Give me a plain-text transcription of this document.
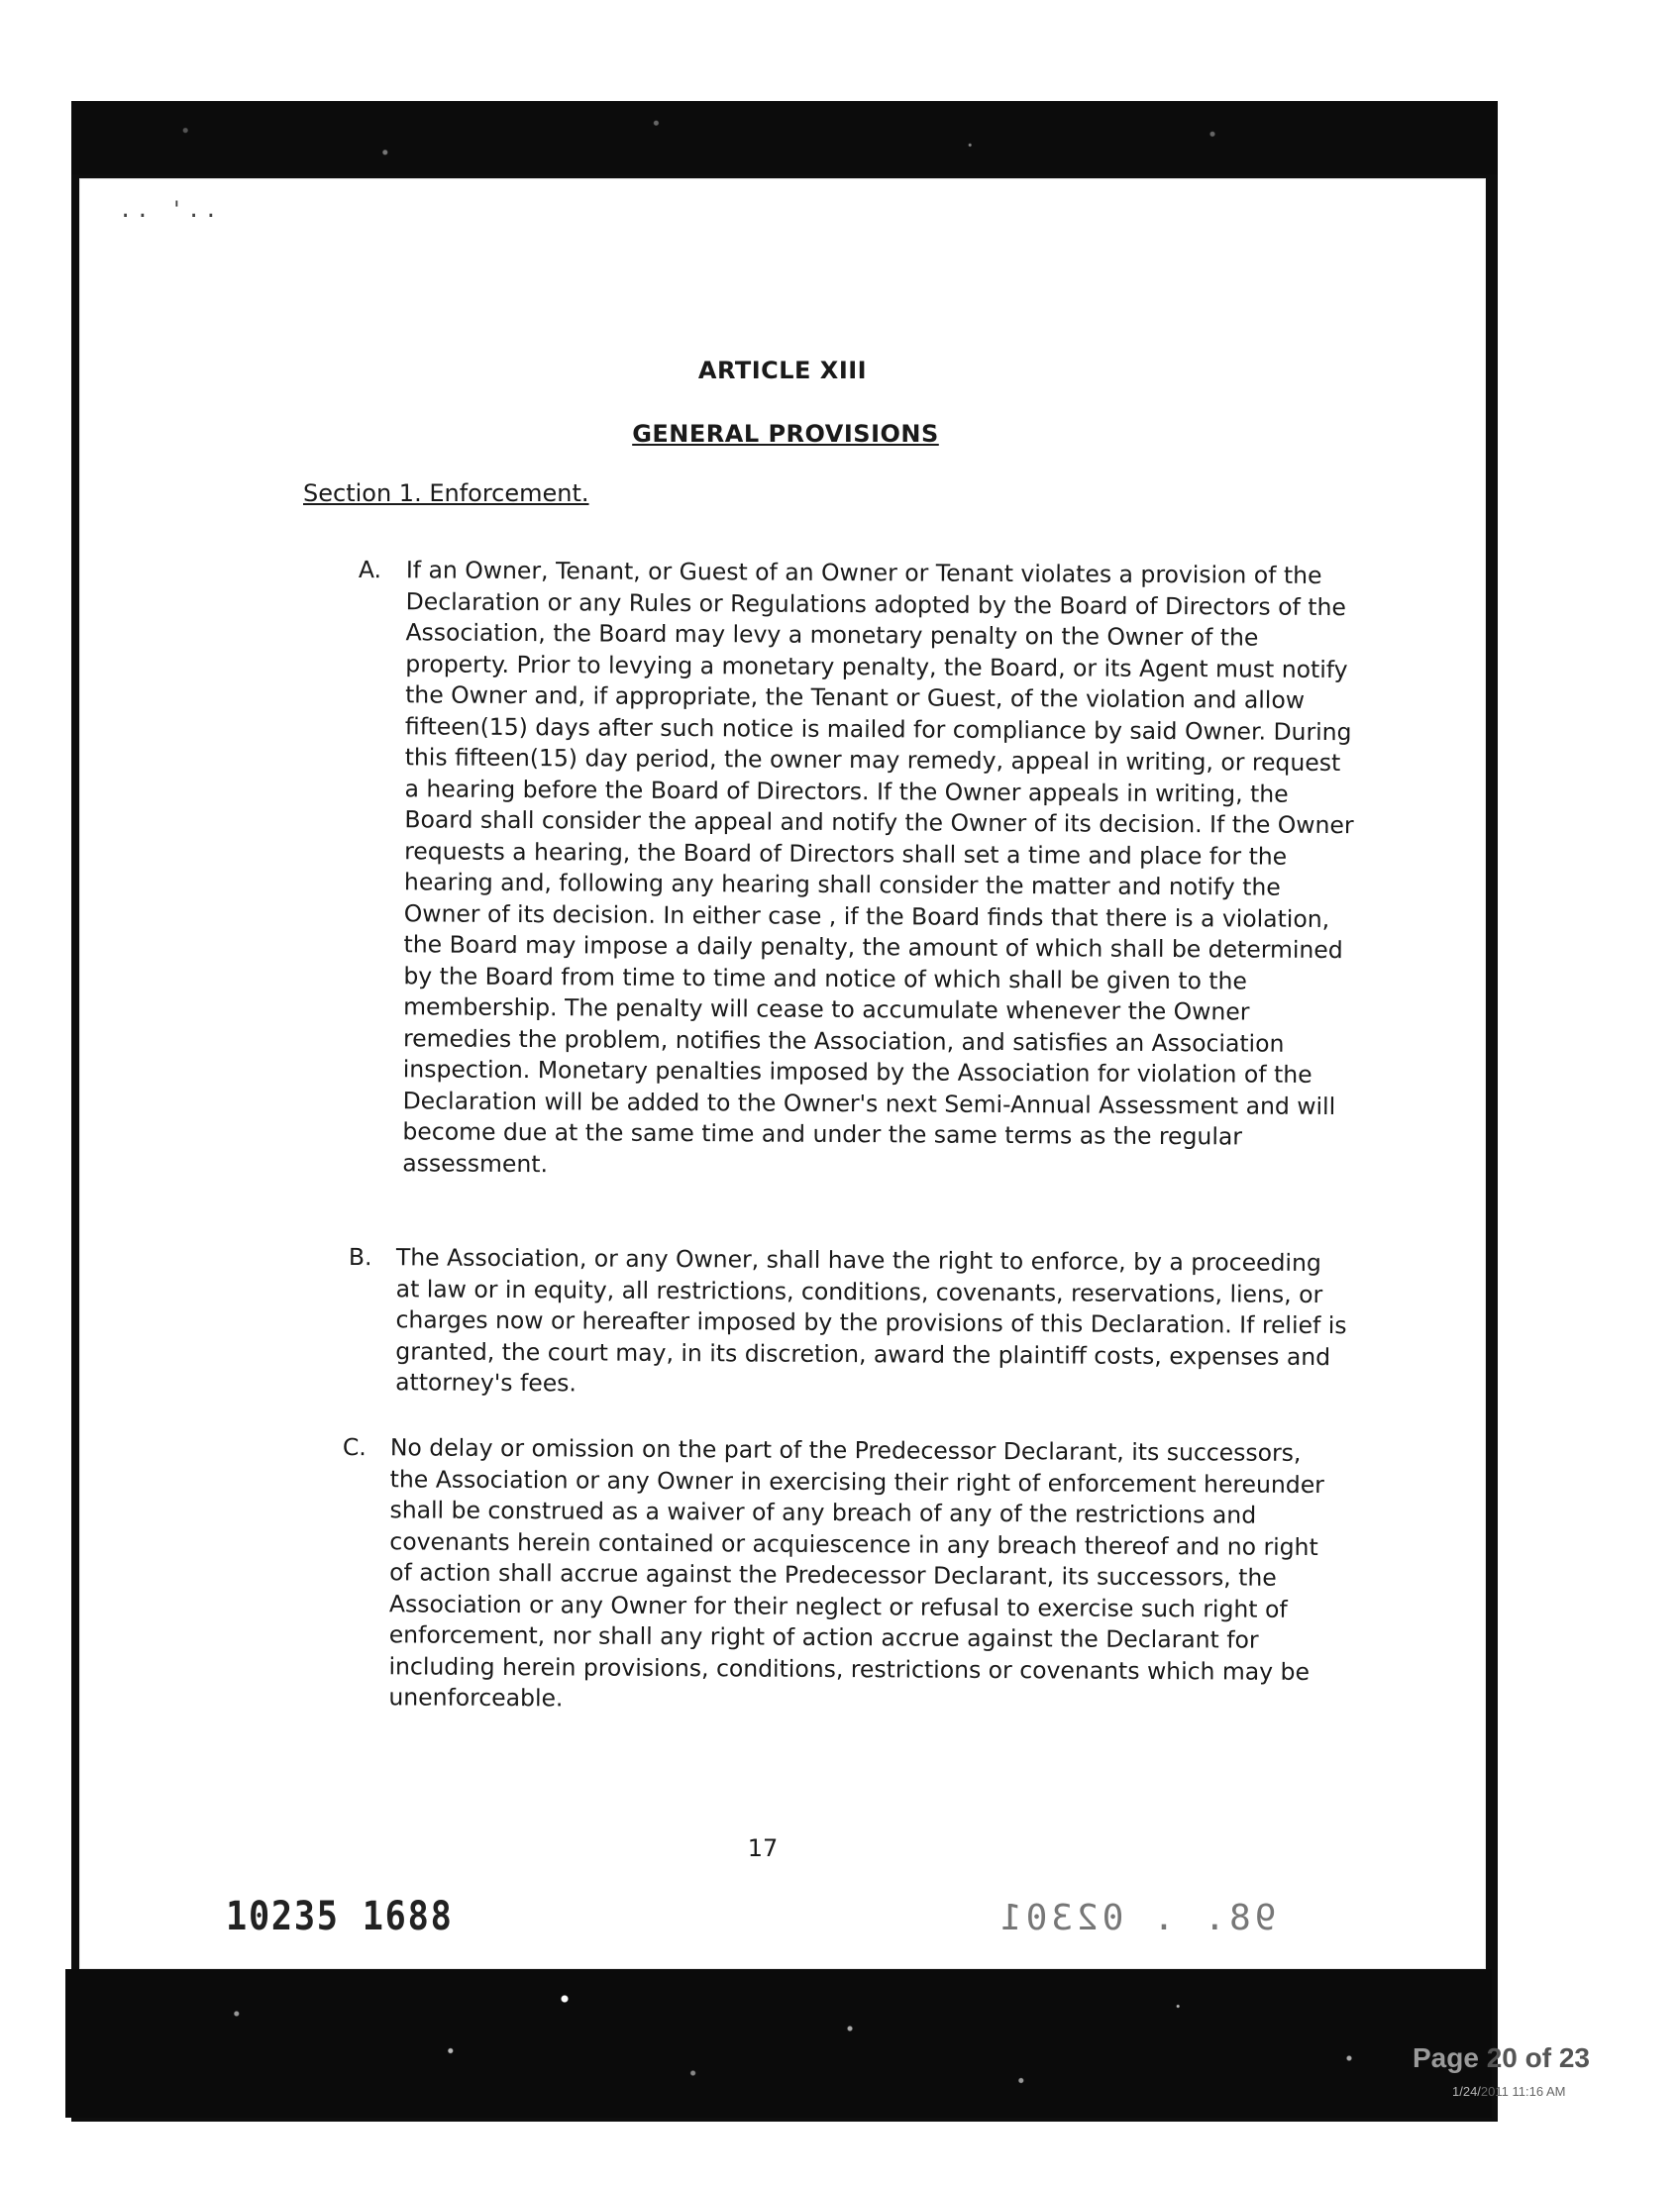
.. '..
ARTICLE XIII
GENERAL PROVISIONS
Section 1. Enforcement.
A. If an Owner, Tenant, or Guest of an Owner or Tenant violates a provision of the Declaration or any Rules or Regulations adopted by the Board of Directors of the Association, the Board may levy a monetary penalty on the Owner of the property. Prior to levying a monetary penalty, the Board, or its Agent must notify the Owner and, if appropriate, the Tenant or Guest, of the violation and allow fifteen(15) days after such notice is mailed for compliance by said Owner. During this fifteen(15) day period, the owner may remedy, appeal in writing, or request a hearing before the Board of Directors. If the Owner appeals in writing, the Board shall consider the appeal and notify the Owner of its decision. If the Owner requests a hearing, the Board of Directors shall set a time and place for the hearing and, following any hearing shall consider the matter and notify the Owner of its decision. In either case , if the Board finds that there is a violation, the Board may impose a daily penalty, the amount of which shall be determined by the Board from time to time and notice of which shall be given to the membership. The penalty will cease to accumulate whenever the Owner remedies the problem, notifies the Association, and satisfies an Association inspection. Monetary penalties imposed by the Association for violation of the Declaration will be added to the Owner's next Semi-Annual Assessment and will become due at the same time and under the same terms as the regular assessment.
B. The Association, or any Owner, shall have the right to enforce, by a proceeding at law or in equity, all restrictions, conditions, covenants, reservations, liens, or charges now or hereafter imposed by the provisions of this Declaration. If relief is granted, the court may, in its discretion, award the plaintiff costs, expenses and attorney's fees.
C. No delay or omission on the part of the Predecessor Declarant, its successors, the Association or any Owner in exercising their right of enforcement hereunder shall be construed as a waiver of any breach of any of the restrictions and covenants herein contained or acquiescence in any breach thereof and no right of action shall accrue against the Predecessor Declarant, its successors, the Association or any Owner for their neglect or refusal to exercise such right of enforcement, nor shall any right of action accrue against the Declarant for including herein provisions, conditions, restrictions or covenants which may be unenforceable.
17
10235 1688	98. . 02301
Page 20 of 23
1/24/2011 11:16 AM
